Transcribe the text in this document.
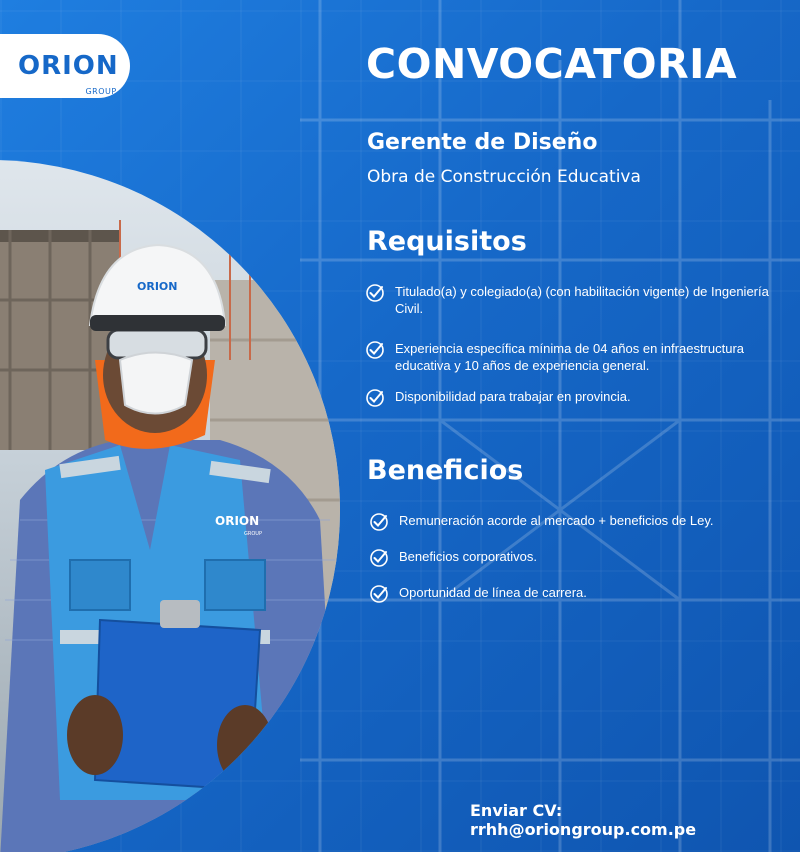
ORION
GROUP
ORION
GROUP
ORION
CONVOCATORIA
Gerente de Diseño
Obra de Construcción Educativa
Requisitos
Titulado(a) y colegiado(a) (con habilitación vigente) de Ingeniería Civil.
Experiencia específica mínima de 04 años en infraestructura educativa y 10 años de experiencia general.
Disponibilidad para trabajar en provincia.
Beneficios
Remuneración acorde al mercado + beneficios de Ley.
Beneficios corporativos.
Oportunidad de línea de carrera.
Enviar CV: rrhh@oriongroup.com.pe
